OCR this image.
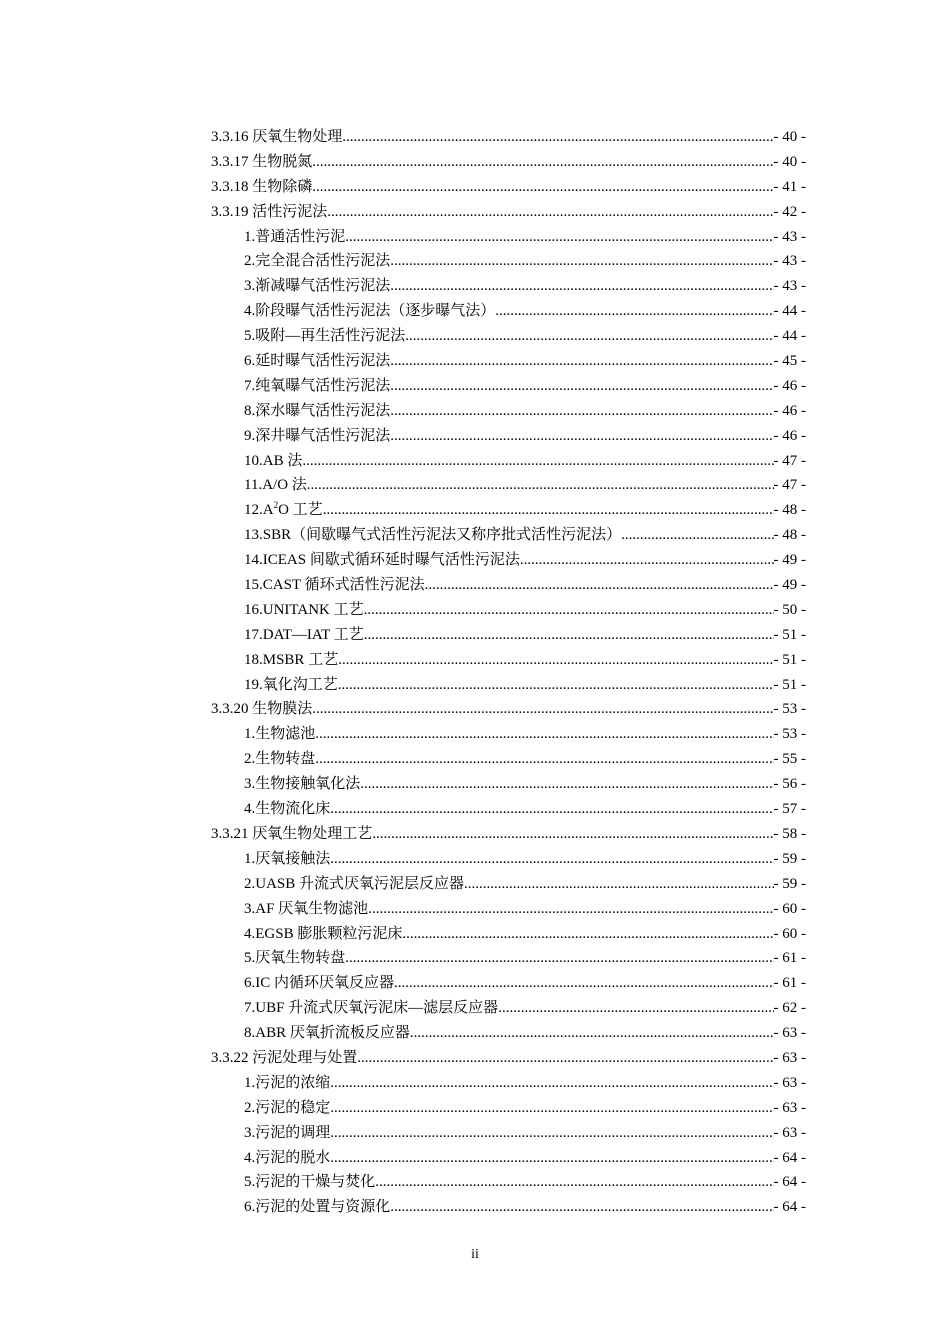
3.3.16 厌氧生物处理 .....	- 40 -
3.3.17 生物脱氮 .....	- 40 -
3.3.18 生物除磷 .....	- 41 -
3.3.19 活性污泥法 .....	- 42 -
1.普通活性污泥 .....	- 43 -
2.完全混合活性污泥法 .....	- 43 -
3.渐减曝气活性污泥法 .....	- 43 -
4.阶段曝气活性污泥法（逐步曝气法） .....	- 44 -
5.吸附—再生活性污泥法 .....	- 44 -
6.延时曝气活性污泥法 .....	- 45 -
7.纯氧曝气活性污泥法 .....	- 46 -
8.深水曝气活性污泥法 .....	- 46 -
9.深井曝气活性污泥法 .....	- 46 -
10.AB 法 .....	- 47 -
11.A/O 法 .....	- 47 -
$12.A^2O$ 工艺 .....	- 48 -
13.SBR（间歇曝气式活性污泥法又称序批式活性污泥法） .....	- 48 -
14.ICEAS 间歇式循环延时曝气活性污泥法 .....	- 49 -
15.CAST 循环式活性污泥法 .....	- 49 -
16.UNITANK 工艺 .....	- 50 -
17.DAT—IAT 工艺 .....	- 51 -
18.MSBR 工艺 .....	- 51 -
19.氧化沟工艺 .....	- 51 -
3.3.20 生物膜法 .....	- 53 -
1.生物滤池 .....	- 53 -
2.生物转盘 .....	- 55 -
3.生物接触氧化法 .....	- 56 -
4.生物流化床 .....	- 57 -
3.3.21 厌氧生物处理工艺 .....	- 58 -
1.厌氧接触法 .....	- 59 -
2.UASB 升流式厌氧污泥层反应器 .....	- 59 -
3.AF 厌氧生物滤池 .....	- 60 -
4.EGSB 膨胀颗粒污泥床 .....	- 60 -
5.厌氧生物转盘 .....	- 61 -
6.IC 内循环厌氧反应器 .....	- 61 -
7.UBF 升流式厌氧污泥床—滤层反应器 .....	- 62 -
8.ABR 厌氧折流板反应器 .....	- 63 -
3.3.22 污泥处理与处置 .....	- 63 -
1.污泥的浓缩 .....	- 63 -
2.污泥的稳定 .....	- 63 -
3.污泥的调理 .....	- 63 -
4.污泥的脱水 .....	- 64 -
5.污泥的干燥与焚化 .....	- 64 -
6.污泥的处置与资源化 .....	- 64 -
ii
